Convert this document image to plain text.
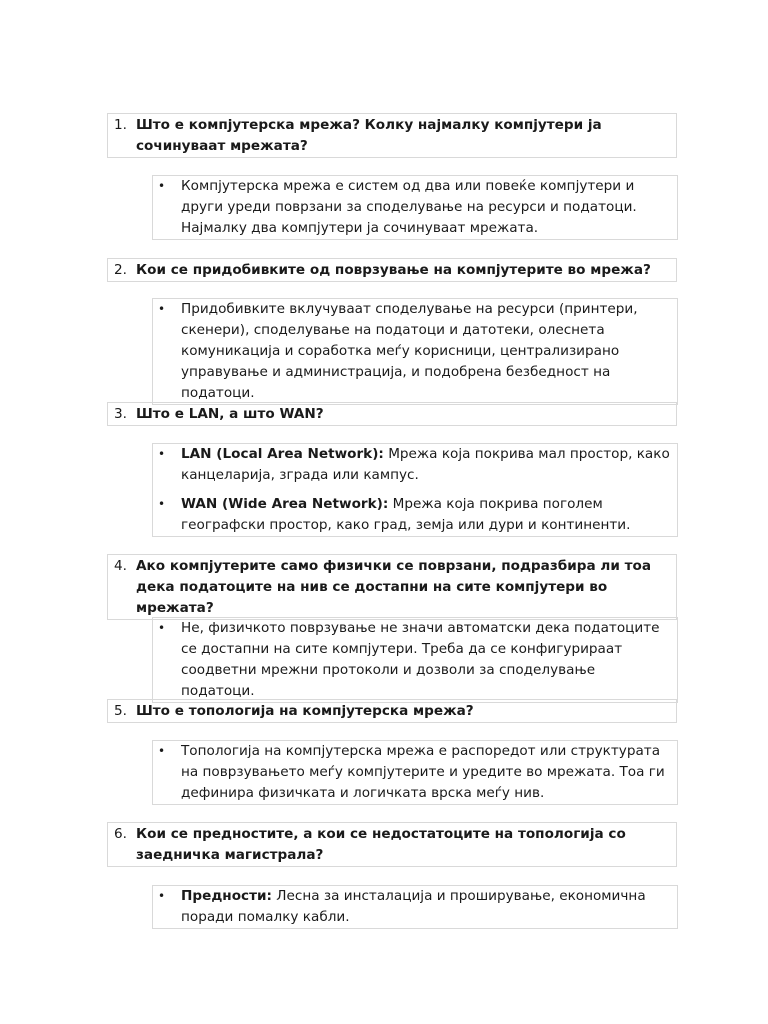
1. Што е компјутерска мрежа? Колку најмалку компјутери ја сочинуваат мрежата?
• Компјутерска мрежа е систем од два или повеќе компјутери и други уреди поврзани за споделување на ресурси и податоци. Најмалку два компјутери ја сочинуваат мрежата.
2. Кои се придобивките од поврзување на компјутерите во мрежа?
• Придобивките вклучуваат споделување на ресурси (принтери, скенери), споделување на податоци и датотеки, олеснета комуникација и соработка меѓу корисници, централизирано управување и администрација, и подобрена безбедност на податоци.
3. Што е LAN, а што WAN?
• LAN (Local Area Network): Мрежа која покрива мал простор, како канцеларија, зграда или кампус.
• WAN (Wide Area Network): Мрежа која покрива поголем географски простор, како град, земја или дури и континенти.
4. Ако компјутерите само физички се поврзани, подразбира ли тоа дека податоците на нив се достапни на сите компјутери во мрежата?
• Не, физичкото поврзување не значи автоматски дека податоците се достапни на сите компјутери. Треба да се конфигурираат соодветни мрежни протоколи и дозволи за споделување податоци.
5. Што е топологија на компјутерска мрежа?
• Топологија на компјутерска мрежа е распоредот или структурата на поврзувањето меѓу компјутерите и уредите во мрежата. Тоа ги дефинира физичката и логичката врска меѓу нив.
6. Кои се предностите, а кои се недостатоците на топологија со заедничка магистрала?
• Предности: Лесна за инсталација и проширување, економична поради помалку кабли.
